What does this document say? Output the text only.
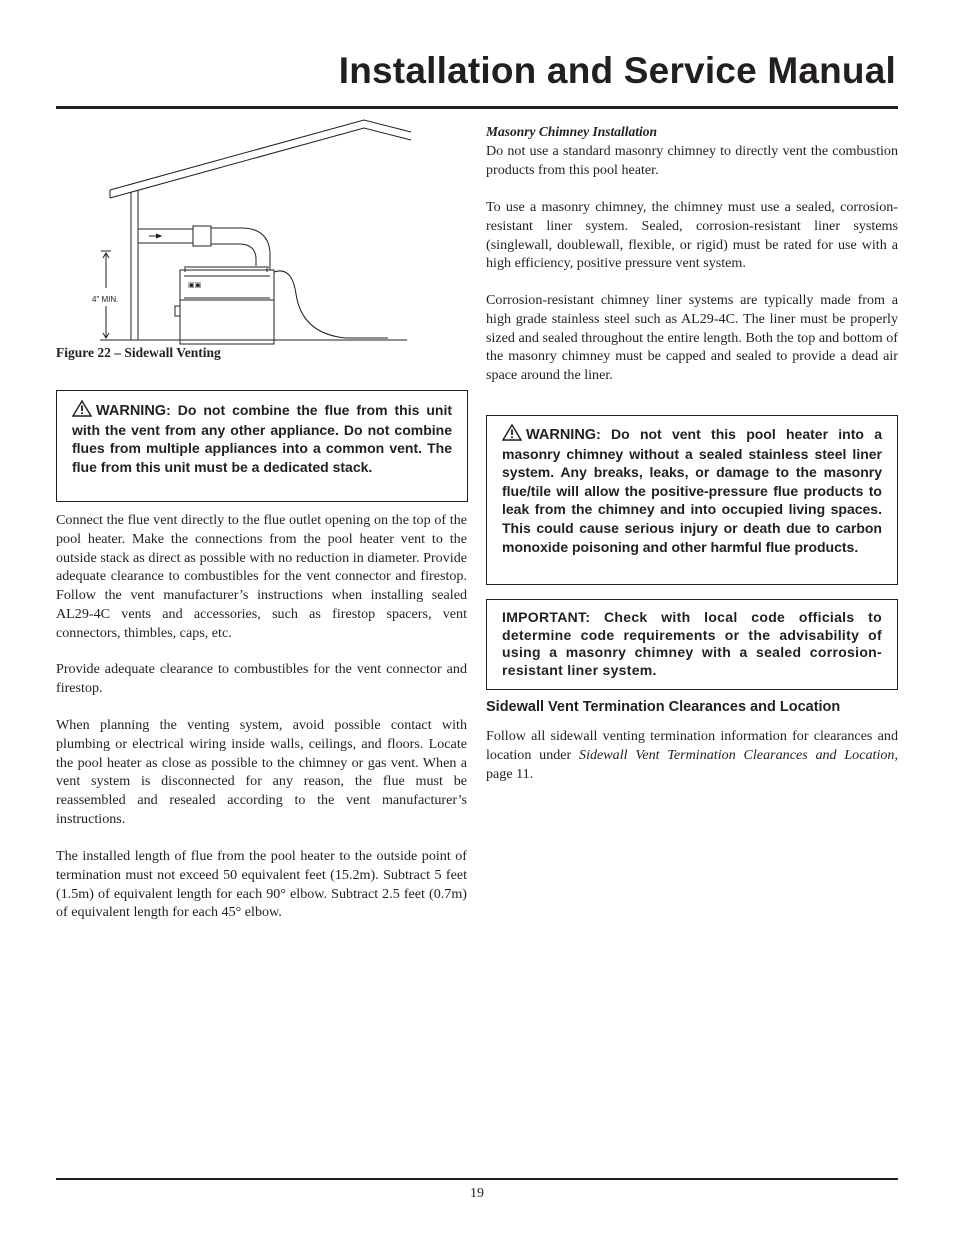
Installation and Service Manual
▣▣
4" MIN.
Figure 22 – Sidewall Venting
WARNING: Do not combine the flue from this unit with the vent from any other appliance. Do not combine flues from multiple appliances into a common vent. The flue from this unit must be a dedicated stack.

Connect the flue vent directly to the flue outlet opening on the top of the pool heater. Make the connections from the pool heater vent to the outside stack as direct as possible with no reduction in diameter. Provide adequate clearance to combustibles for the vent connector and firestop. Follow the vent manufacturer’s instructions when installing sealed AL29-4C vents and accessories, such as firestop spacers, vent connectors, thimbles, caps, etc.

Provide adequate clearance to combustibles for the vent connector and firestop.

When planning the venting system, avoid possible contact with plumbing or electrical wiring inside walls, ceilings, and floors. Locate the pool heater as close as possible to the chimney or gas vent. When a vent system is disconnected for any reason, the flue must be reassembled and resealed according to the vent manufacturer’s instructions.

The installed length of flue from the pool heater to the outside point of termination must not exceed 50 equivalent feet (15.2m). Subtract 5 feet (1.5m) of equivalent length for each 90° elbow. Subtract 2.5 feet (0.7m) of equivalent length for each 45° elbow.

Masonry Chimney Installation

Do not use a standard masonry chimney to directly vent the combustion products from this pool heater.

To use a masonry chimney, the chimney must use a sealed, corrosion-resistant liner system. Sealed, corrosion-resistant liner systems (singlewall, doublewall, flexible, or rigid) must be rated for use with a high efficiency, positive pressure vent system.

Corrosion-resistant chimney liner systems are typically made from a high grade stainless steel such as AL29-4C. The liner must be properly sized and sealed throughout the entire length. Both the top and bottom of the masonry chimney must be capped and sealed to provide a dead air space around the liner.

WARNING: Do not vent this pool heater into a masonry chimney without a sealed stainless steel liner system. Any breaks, leaks, or damage to the masonry flue/tile will allow the positive-pressure flue products to leak from the chimney and into occupied living spaces. This could cause serious injury or death due to carbon monoxide poisoning and other harmful flue products.
IMPORTANT: Check with local code officials to determine code requirements or the advisability of using a masonry chimney with a sealed corrosion-resistant liner system.
Sidewall Vent Termination Clearances and Location

Follow all sidewall venting termination information for clearances and location under Sidewall Vent Termination Clearances and Location, page 11.

19
